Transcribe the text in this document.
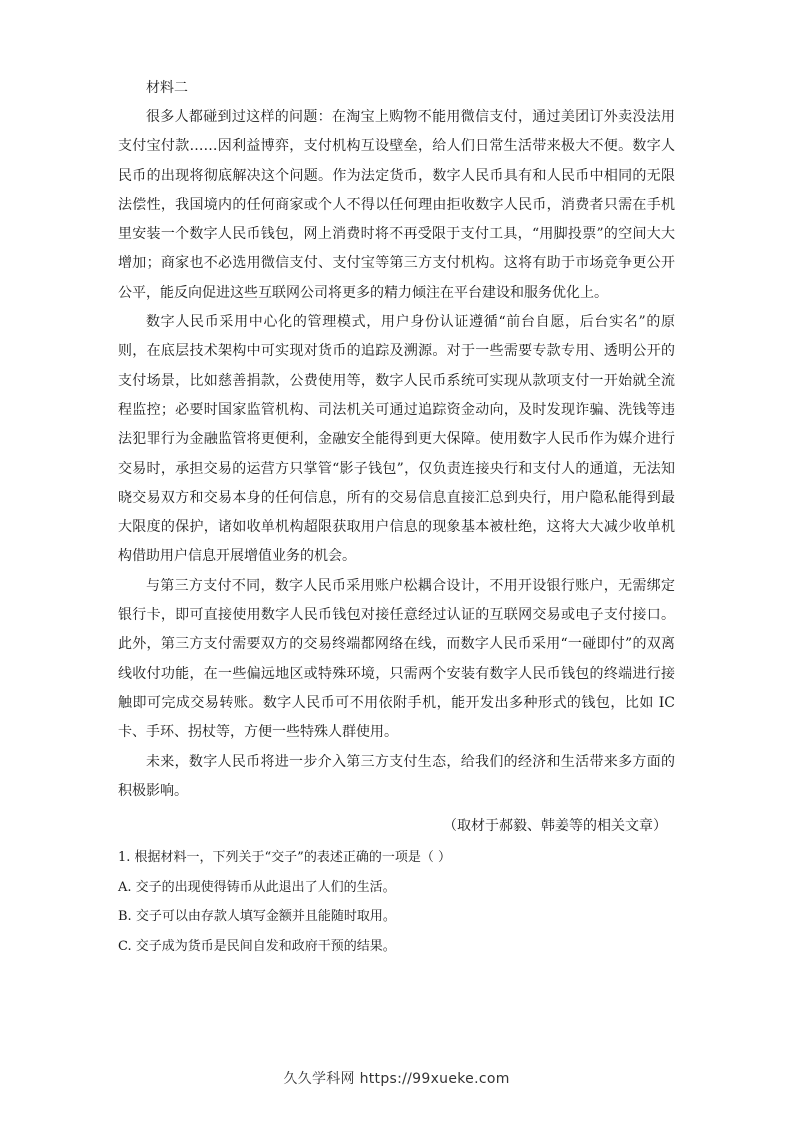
材料二

很多人都碰到过这样的问题：在淘宝上购物不能用微信支付，通过美团订外卖没法用支付宝付款……因利益博弈，支付机构互设壁垒，给人们日常生活带来极大不便。数字人民币的出现将彻底解决这个问题。作为法定货币，数字人民币具有和人民币中相同的无限法偿性，我国境内的任何商家或个人不得以任何理由拒收数字人民币，消费者只需在手机里安装一个数字人民币钱包，网上消费时将不再受限于支付工具，“用脚投票”的空间大大增加；商家也不必选用微信支付、支付宝等第三方支付机构。这将有助于市场竞争更公开公平，能反向促进这些互联网公司将更多的精力倾注在平台建设和服务优化上。

数字人民币采用中心化的管理模式，用户身份认证遵循“前台自愿，后台实名”的原则，在底层技术架构中可实现对货币的追踪及溯源。对于一些需要专款专用、透明公开的支付场景，比如慈善捐款，公费使用等，数字人民币系统可实现从款项支付一开始就全流程监控；必要时国家监管机构、司法机关可通过追踪资金动向，及时发现诈骗、洗钱等违法犯罪行为金融监管将更便利，金融安全能得到更大保障。使用数字人民币作为媒介进行交易时，承担交易的运营方只掌管“影子钱包”，仅负责连接央行和支付人的通道，无法知晓交易双方和交易本身的任何信息，所有的交易信息直接汇总到央行，用户隐私能得到最大限度的保护，诸如收单机构超限获取用户信息的现象基本被杜绝，这将大大减少收单机构借助用户信息开展增值业务的机会。

与第三方支付不同，数字人民币采用账户松耦合设计，不用开设银行账户，无需绑定银行卡，即可直接使用数字人民币钱包对接任意经过认证的互联网交易或电子支付接口。此外，第三方支付需要双方的交易终端都网络在线，而数字人民币采用“一碰即付”的双离线收付功能，在一些偏远地区或特殊环境，只需两个安装有数字人民币钱包的终端进行接触即可完成交易转账。数字人民币可不用依附手机，能开发出多种形式的钱包，比如 IC 卡、手环、拐杖等，方便一些特殊人群使用。

未来，数字人民币将进一步介入第三方支付生态，给我们的经济和生活带来多方面的积极影响。

（取材于郝毅、韩姜等的相关文章）

1. 根据材料一，下列关于“交子”的表述正确的一项是（ ）

A. 交子的出现使得铸币从此退出了人们的生活。

B. 交子可以由存款人填写金额并且能随时取用。

C. 交子成为货币是民间自发和政府干预的结果。

久久学科网 https://99xueke.com
